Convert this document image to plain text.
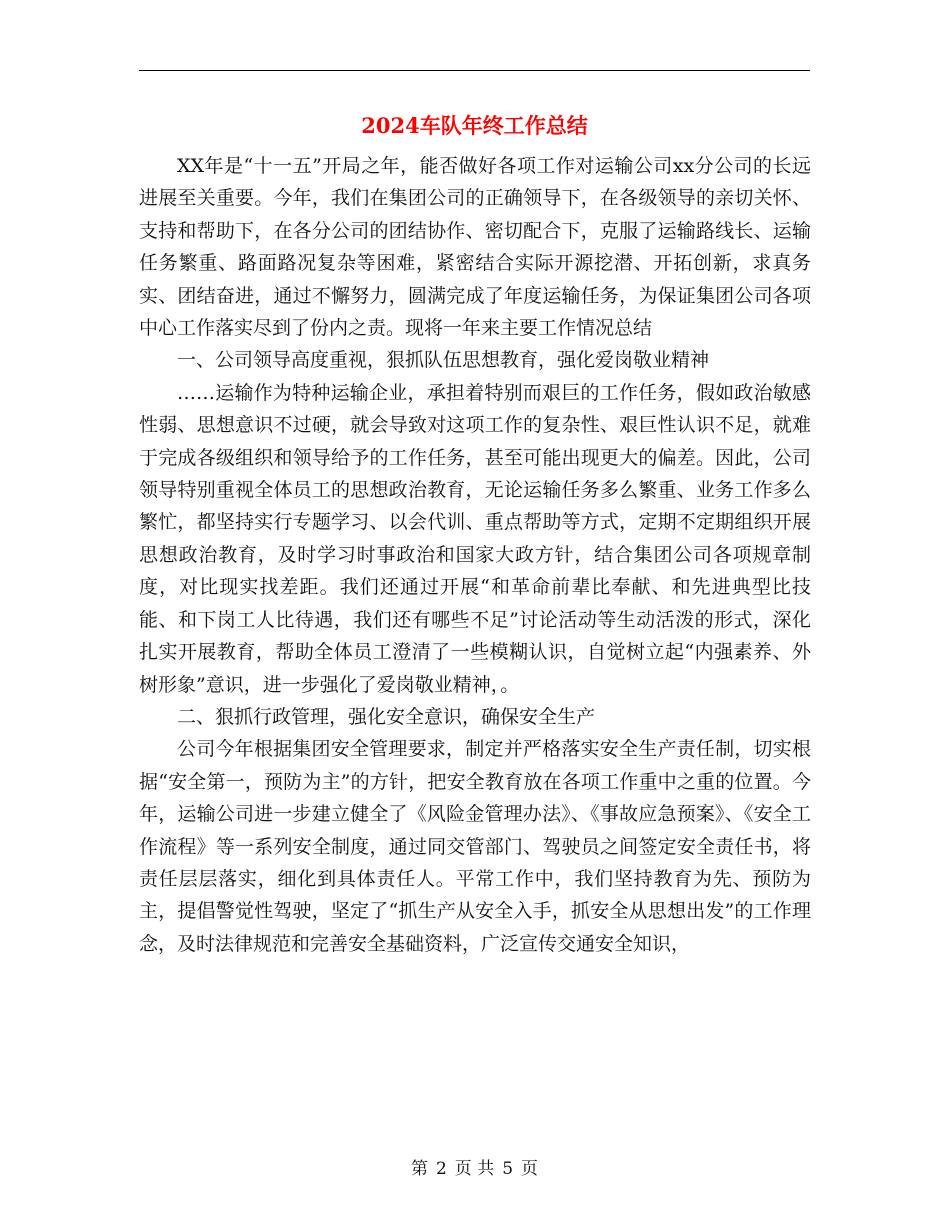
2024车队年终工作总结

XX年是“十一五”开局之年，能否做好各项工作对运输公司xx分公司的长远进展至关重要。今年，我们在集团公司的正确领导下，在各级领导的亲切关怀、支持和帮助下，在各分公司的团结协作、密切配合下，克服了运输路线长、运输任务繁重、路面路况复杂等困难，紧密结合实际开源挖潜、开拓创新，求真务实、团结奋进，通过不懈努力，圆满完成了年度运输任务，为保证集团公司各项中心工作落实尽到了份内之责。现将一年来主要工作情况总结

一、公司领导高度重视，狠抓队伍思想教育，强化爱岗敬业精神

……运输作为特种运输企业，承担着特别而艰巨的工作任务，假如政治敏感性弱、思想意识不过硬，就会导致对这项工作的复杂性、艰巨性认识不足，就难于完成各级组织和领导给予的工作任务，甚至可能出现更大的偏差。因此，公司领导特别重视全体员工的思想政治教育，无论运输任务多么繁重、业务工作多么繁忙，都坚持实行专题学习、以会代训、重点帮助等方式，定期不定期组织开展思想政治教育，及时学习时事政治和国家大政方针，结合集团公司各项规章制度，对比现实找差距。我们还通过开展“和革命前辈比奉献、和先进典型比技能、和下岗工人比待遇，我们还有哪些不足”讨论活动等生动活泼的形式，深化扎实开展教育，帮助全体员工澄清了一些模糊认识，自觉树立起“内强素养、外树形象”意识，进一步强化了爱岗敬业精神，。

二、狠抓行政管理，强化安全意识，确保安全生产

公司今年根据集团安全管理要求，制定并严格落实安全生产责任制，切实根据“安全第一，预防为主”的方针，把安全教育放在各项工作重中之重的位置。今年，运输公司进一步建立健全了《风险金管理办法》、《事故应急预案》、《安全工作流程》等一系列安全制度，通过同交管部门、驾驶员之间签定安全责任书，将责任层层落实，细化到具体责任人。平常工作中，我们坚持教育为先、预防为主，提倡警觉性驾驶，坚定了“抓生产从安全入手，抓安全从思想出发”的工作理念，及时法律规范和完善安全基础资料，广泛宣传交通安全知识，

第 2 页 共 5 页
